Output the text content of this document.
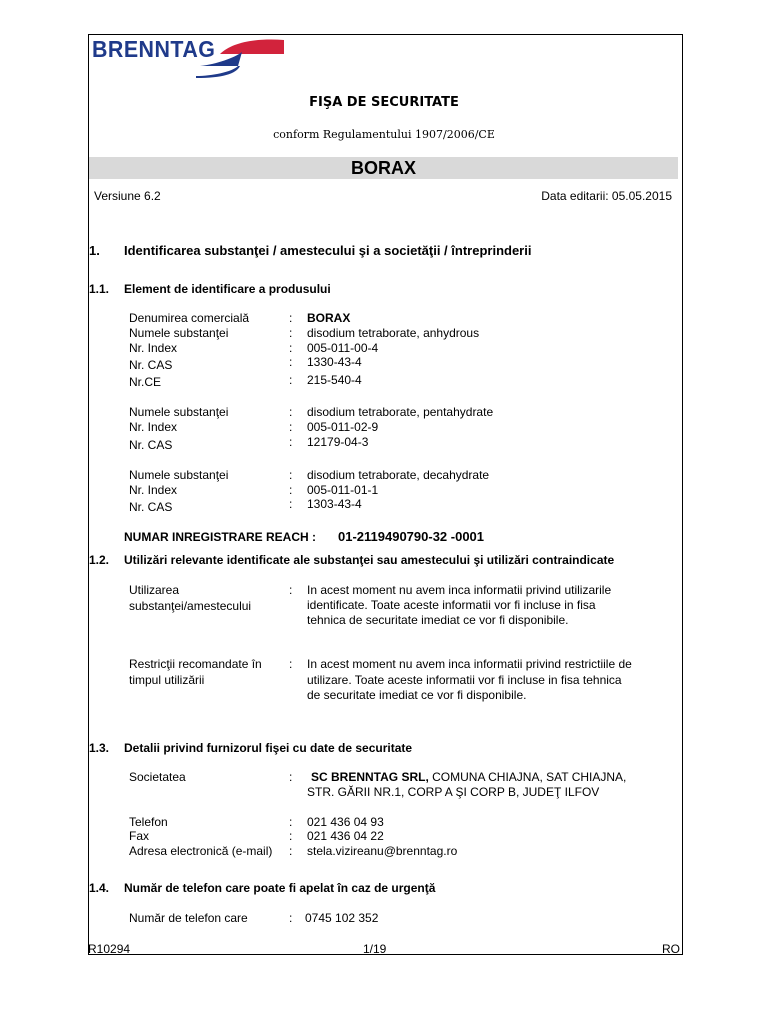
BRENNTAG
FIŞA DE SECURITATE
conform Regulamentului 1907/2006/CE
BORAX
Versiune 6.2	Data editarii: 05.05.2015
1. Identificarea substanţei / amestecului şi a societăţii / întreprinderii
1.1. Element de identificare a produsului
Denumirea comercială	: BORAX
Numele substanţei	: disodium tetraborate, anhydrous
Nr. Index	: 005-011-00-4
Nr. CAS	: 1330-43-4
Nr.CE	: 215-540-4
Numele substanţei	: disodium tetraborate, pentahydrate
Nr. Index	: 005-011-02-9
Nr. CAS	: 12179-04-3
Numele substanţei	: disodium tetraborate, decahydrate
Nr. Index	: 005-011-01-1
Nr. CAS	: 1303-43-4
NUMAR INREGISTRARE REACH : 01-2119490790-32 -0001
1.2. Utilizări relevante identificate ale substanţei sau amestecului şi utilizări contraindicate
Utilizarea
substanţei/amestecului
: In acest moment nu avem inca informatii privind utilizarile
identificate. Toate aceste informatii vor fi incluse in fisa
tehnica de securitate imediat ce vor fi disponibile.
Restricţii recomandate în
timpul utilizării
: In acest moment nu avem inca informatii privind restrictiile de
utilizare. Toate aceste informatii vor fi incluse in fisa tehnica
de securitate imediat ce vor fi disponibile.
1.3. Detalii privind furnizorul fişei cu date de securitate
Societatea	: SC BRENNTAG SRL, COMUNA CHIAJNA, SAT CHIAJNA,
STR. GĂRII NR.1, CORP A ŞI CORP B, JUDEŢ ILFOV
Telefon	: 021 436 04 93
Fax	: 021 436 04 22
Adresa electronică (e-mail) : stela.vizireanu@brenntag.ro
1.4. Număr de telefon care poate fi apelat în caz de urgenţă
Număr de telefon care	: 0745 102 352
R10294	1/19	RO
